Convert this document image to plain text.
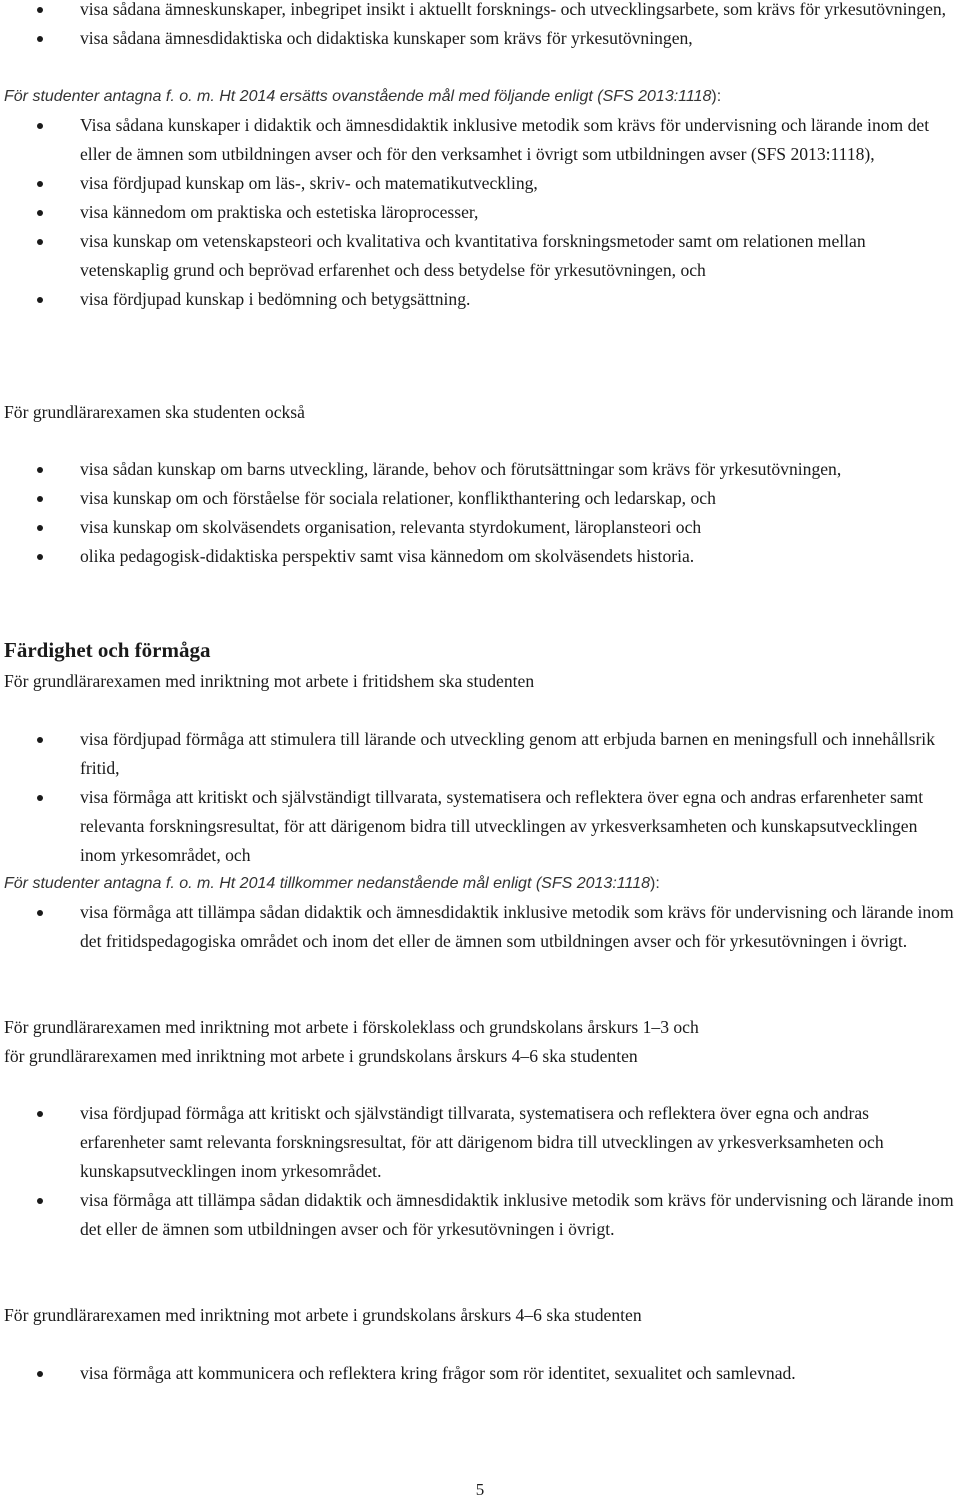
visa sådana ämneskunskaper, inbegripet insikt i aktuellt forsknings- och utvecklingsarbete, som krävs för yrkesutövningen,
visa sådana ämnesdidaktiska och didaktiska kunskaper som krävs för yrkesutövningen,

För studenter antagna f. o. m. Ht 2014 ersätts ovanstående mål med följande enligt (SFS 2013:1118):

Visa sådana kunskaper i didaktik och ämnesdidaktik inklusive metodik som krävs för undervisning och lärande inom det eller de ämnen som utbildningen avser och för den verksamhet i övrigt som utbildningen avser (SFS 2013:1118),
visa fördjupad kunskap om läs-, skriv- och matematikutveckling,
visa kännedom om praktiska och estetiska läroprocesser,
visa kunskap om vetenskapsteori och kvalitativa och kvantitativa forskningsmetoder samt om relationen mellan vetenskaplig grund och beprövad erfarenhet och dess betydelse för yrkesutövningen, och
visa fördjupad kunskap i bedömning och betygsättning.

För grundlärarexamen ska studenten också

visa sådan kunskap om barns utveckling, lärande, behov och förutsättningar som krävs för yrkesutövningen,
visa kunskap om och förståelse för sociala relationer, konflikthantering och ledarskap, och
visa kunskap om skolväsendets organisation, relevanta styrdokument, läroplansteori och
olika pedagogisk-didaktiska perspektiv samt visa kännedom om skolväsendets historia.
Färdighet och förmåga

För grundlärarexamen med inriktning mot arbete i fritidshem ska studenten

visa fördjupad förmåga att stimulera till lärande och utveckling genom att erbjuda barnen en meningsfull och innehållsrik fritid,
visa förmåga att kritiskt och självständigt tillvarata, systematisera och reflektera över egna och andras erfarenheter samt relevanta forskningsresultat, för att därigenom bidra till utvecklingen av yrkesverksamheten och kunskapsutvecklingen inom yrkesområdet, och

För studenter antagna f. o. m. Ht 2014 tillkommer nedanstående mål enligt (SFS 2013:1118):

visa förmåga att tillämpa sådan didaktik och ämnesdidaktik inklusive metodik som krävs för undervisning och lärande inom det fritidspedagogiska området och inom det eller de ämnen som utbildningen avser och för yrkesutövningen i övrigt.

För grundlärarexamen med inriktning mot arbete i förskoleklass och grundskolans årskurs 1–3 och

för grundlärarexamen med inriktning mot arbete i grundskolans årskurs 4–6 ska studenten

visa fördjupad förmåga att kritiskt och självständigt tillvarata, systematisera och reflektera över egna och andras erfarenheter samt relevanta forskningsresultat, för att därigenom bidra till utvecklingen av yrkesverksamheten och kunskapsutvecklingen inom yrkesområdet.
visa förmåga att tillämpa sådan didaktik och ämnesdidaktik inklusive metodik som krävs för undervisning och lärande inom det eller de ämnen som utbildningen avser och för yrkesutövningen i övrigt.

För grundlärarexamen med inriktning mot arbete i grundskolans årskurs 4–6 ska studenten

visa förmåga att kommunicera och reflektera kring frågor som rör identitet, sexualitet och samlevnad.
5
